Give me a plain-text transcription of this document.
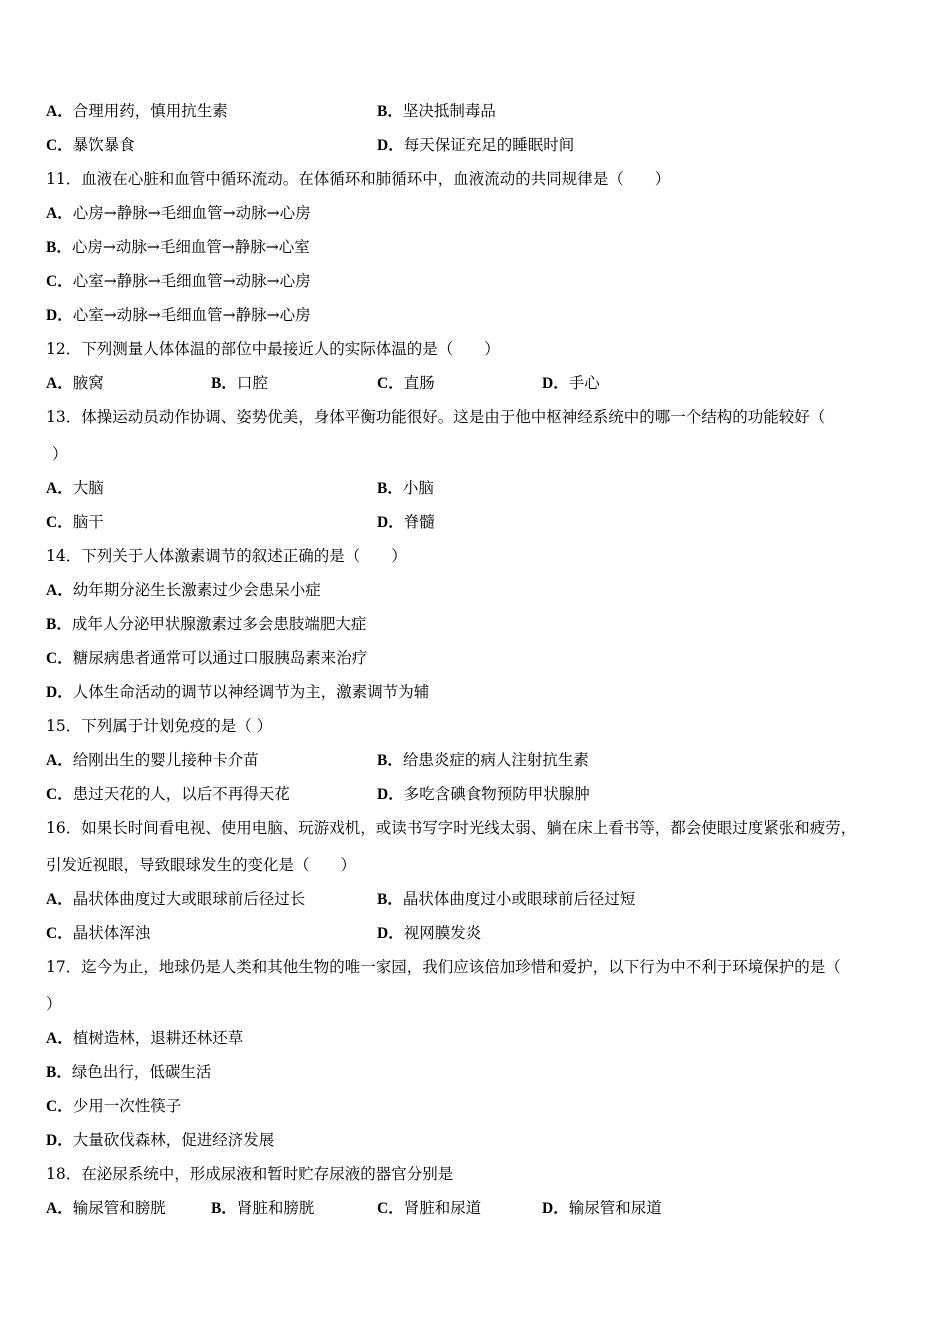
A．合理用药，慎用抗生素	B．坚决抵制毒品
C．暴饮暴食	D．每天保证充足的睡眠时间
11．血液在心脏和血管中循环流动。在体循环和肺循环中，血液流动的共同规律是（　　）
A．心房→静脉→毛细血管→动脉→心房
B．心房→动脉→毛细血管→静脉→心室
C．心室→静脉→毛细血管→动脉→心房
D．心室→动脉→毛细血管→静脉→心房
12．下列测量人体体温的部位中最接近人的实际体温的是（　　）
A．腋窝	B．口腔	C．直肠	D．手心
13．体操运动员动作协调、姿势优美，身体平衡功能很好。这是由于他中枢神经系统中的哪一个结构的功能较好（
）
A．大脑	B．小脑
C．脑干	D．脊髓
14．下列关于人体激素调节的叙述正确的是（　　）
A．幼年期分泌生长激素过少会患呆小症
B．成年人分泌甲状腺激素过多会患肢端肥大症
C．糖尿病患者通常可以通过口服胰岛素来治疗
D．人体生命活动的调节以神经调节为主，激素调节为辅
15．下列属于计划免疫的是（ ）
A．给刚出生的婴儿接种卡介苗	B．给患炎症的病人注射抗生素
C．患过天花的人，以后不再得天花	D．多吃含碘食物预防甲状腺肿
16．如果长时间看电视、使用电脑、玩游戏机，或读书写字时光线太弱、躺在床上看书等，都会使眼过度紧张和疲劳，
引发近视眼，导致眼球发生的变化是（　　）
A．晶状体曲度过大或眼球前后径过长	B．晶状体曲度过小或眼球前后径过短
C．晶状体浑浊	D．视网膜发炎
17．迄今为止，地球仍是人类和其他生物的唯一家园，我们应该倍加珍惜和爱护，以下行为中不利于环境保护的是（
）
A．植树造林，退耕还林还草
B．绿色出行，低碳生活
C．少用一次性筷子
D．大量砍伐森林，促进经济发展
18．在泌尿系统中，形成尿液和暂时贮存尿液的器官分别是
A．输尿管和膀胱	B．肾脏和膀胱	C．肾脏和尿道	D．输尿管和尿道
